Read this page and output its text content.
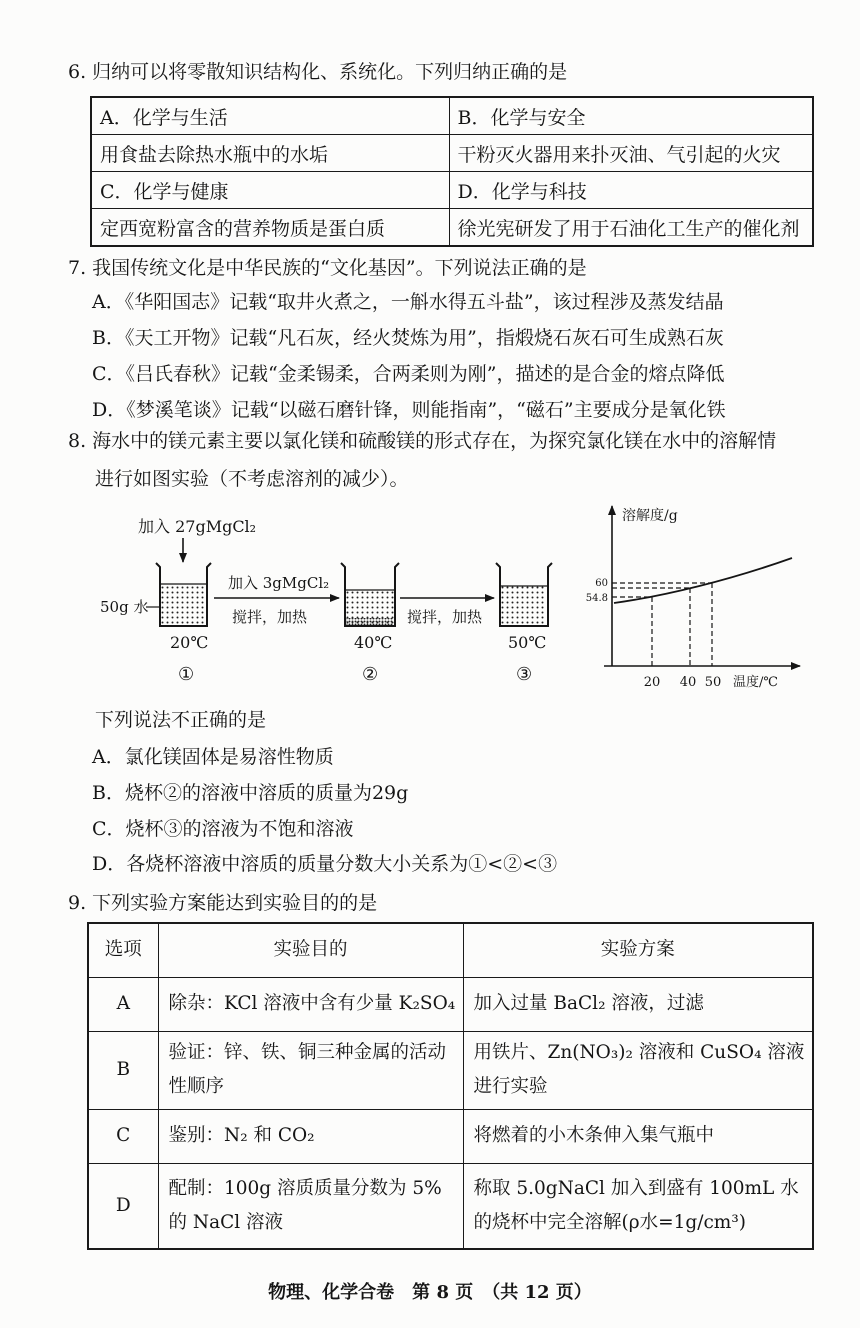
6. 归纳可以将零散知识结构化、系统化。下列归纳正确的是
A．化学与生活	B．化学与安全
用食盐去除热水瓶中的水垢	干粉灭火器用来扑灭油、气引起的火灾
C．化学与健康	D．化学与科技
定西宽粉富含的营养物质是蛋白质	徐光宪研发了用于石油化工生产的催化剂
7. 我国传统文化是中华民族的“文化基因”。下列说法正确的是
A．《华阳国志》记载“取井火煮之，一斛水得五斗盐”，该过程涉及蒸发结晶
B．《天工开物》记载“凡石灰，经火焚炼为用”，指煅烧石灰石可生成熟石灰
C．《吕氏春秋》记载“金柔锡柔，合两柔则为刚”，描述的是合金的熔点降低
D．《梦溪笔谈》记载“以磁石磨针锋，则能指南”，“磁石”主要成分是氧化铁
8. 海水中的镁元素主要以氯化镁和硫酸镁的形式存在，为探究氯化镁在水中的溶解情
进行如图实验（不考虑溶剂的减少）。
加入 27gMgCl₂
50g 水
20℃
①
加入 3gMgCl₂
搅拌，加热
40℃
②
搅拌，加热
50℃
③
溶解度/g
60
54.8
20 40 50 温度/℃
下列说法不正确的是
A．氯化镁固体是易溶性物质
B．烧杯②的溶液中溶质的质量为29g
C．烧杯③的溶液为不饱和溶液
D．各烧杯溶液中溶质的质量分数大小关系为①<②<③
9. 下列实验方案能达到实验目的的是
选项	实验目的	实验方案
A	除杂：KCl 溶液中含有少量 K₂SO₄	加入过量 BaCl₂ 溶液，过滤
B	验证：锌、铁、铜三种金属的活动性顺序	用铁片、Zn(NO₃)₂ 溶液和 CuSO₄ 溶液进行实验
C	鉴别：N₂ 和 CO₂	将燃着的小木条伸入集气瓶中
D	配制：100g 溶质质量分数为 5% 的 NaCl 溶液	称取 5.0gNaCl 加入到盛有 100mL 水的烧杯中完全溶解(ρ水=1g/cm³)
物理、化学合卷　第 8 页　（共 12 页）
